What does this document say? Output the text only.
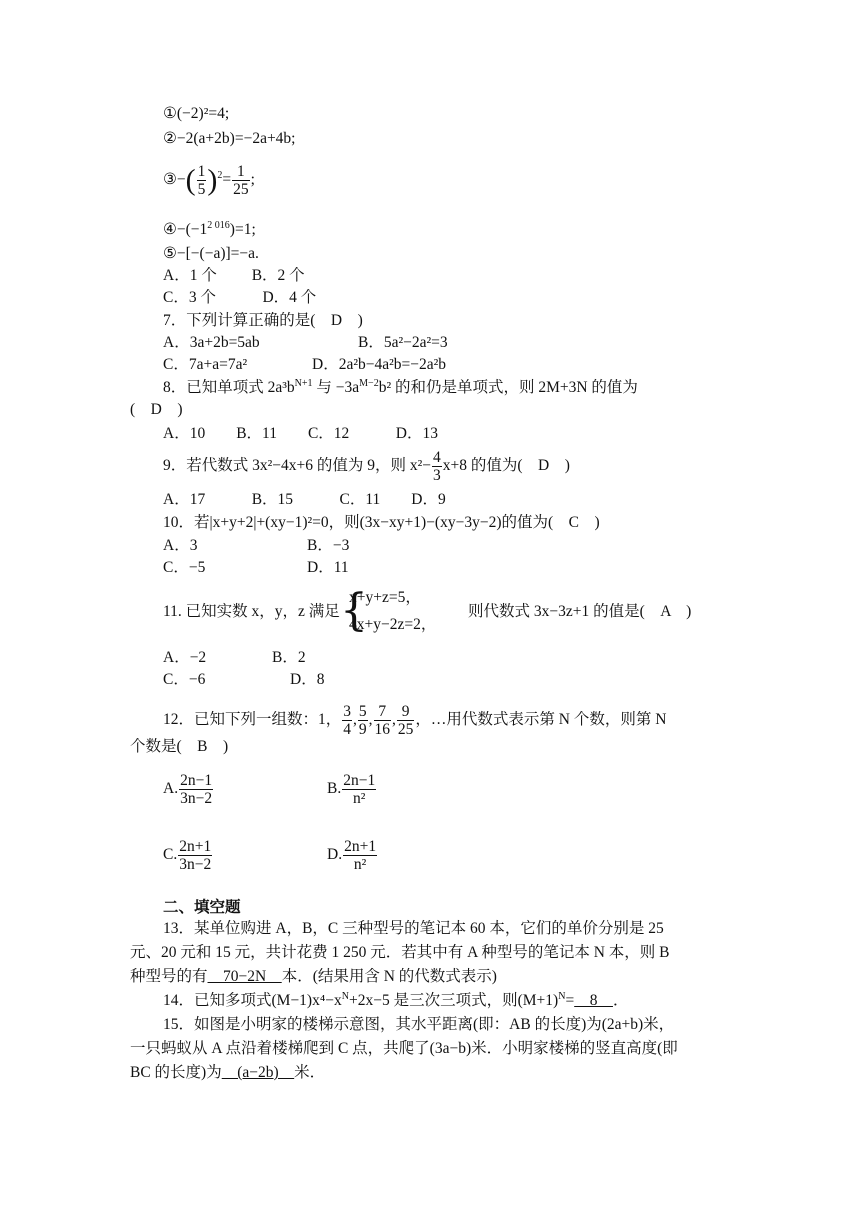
①(−2)²=4;
②−2(a+2b)=−2a+4b;
③−( $\frac{1}{5} )^2= \frac{1}{25}$ ;
$④-(-1^{2 016})=1$;
⑤−[−(−a)]=−a.
A．1 个　　 B．2 个
C．3 个　　　D．4 个
7．下列计算正确的是(　D　)
A．3a+2b=5ab	B．5a²−2a²=3
C．7a+a=7a²	D．2a²b−4a²b=−2a²b
8．已知单项式 $2a^3b^{N+1}$ 与 $-3a^{M-2}b^2$ 的和仍是单项式，则 2M+3N 的值为
(　D　)
A．10　　B．11　　C．12　　　D．13
9．若代数式 3x²−4x+6 的值为 9，则 $x^2- \frac{4}{3} x+8$ 的值为(　D　)
A．17　　　B．15　　　C．11　　D．9
10．若|x+y+2|+(xy−1)²=0，则(3x−xy+1)−(xy−3y−2)的值为(　C　)
A．3	B．−3
C．−5	D．11
11. 已知实数 x，y，z 满足 {
x+y+z=5，
4x+y−2z=2，
则代数式 3x−3z+1 的值是(　A　)
A．−2	B．2
C．−6	D．8
12．已知下列一组数：1， $\frac{3}{4}$ , $\frac{5}{9}$ , $\frac{7}{16}$ , $\frac{9}{25}$ ，…用代数式表示第 N 个数，则第 N
个数是(　B　)
A. $\frac{2n-1}{3n-2}$	B. $\frac{2n-1}{\text{n²}}$
C. $\frac{2n+1}{3n-2}$	D. $\frac{2n+1}{\text{n²}}$
二、填空题
13．某单位购进 A，B，C 三种型号的笔记本 60 本，它们的单价分别是 25
元、20 元和 15 元，共计花费 1 250 元．若其中有 A 种型号的笔记本 N 本，则 B
种型号的有　70−2N　本．(结果用含 N 的代数式表示)
14．已知多项式$(M-1)x^4-x^N+2x-5$ 是三次三项式，则$(M+1)^N=$　8　．
15．如图是小明家的楼梯示意图，其水平距离(即：AB 的长度)为(2a+b)米，
一只蚂蚁从 A 点沿着楼梯爬到 C 点，共爬了(3a−b)米．小明家楼梯的竖直高度(即
BC 的长度)为　(a−2b)　米．
